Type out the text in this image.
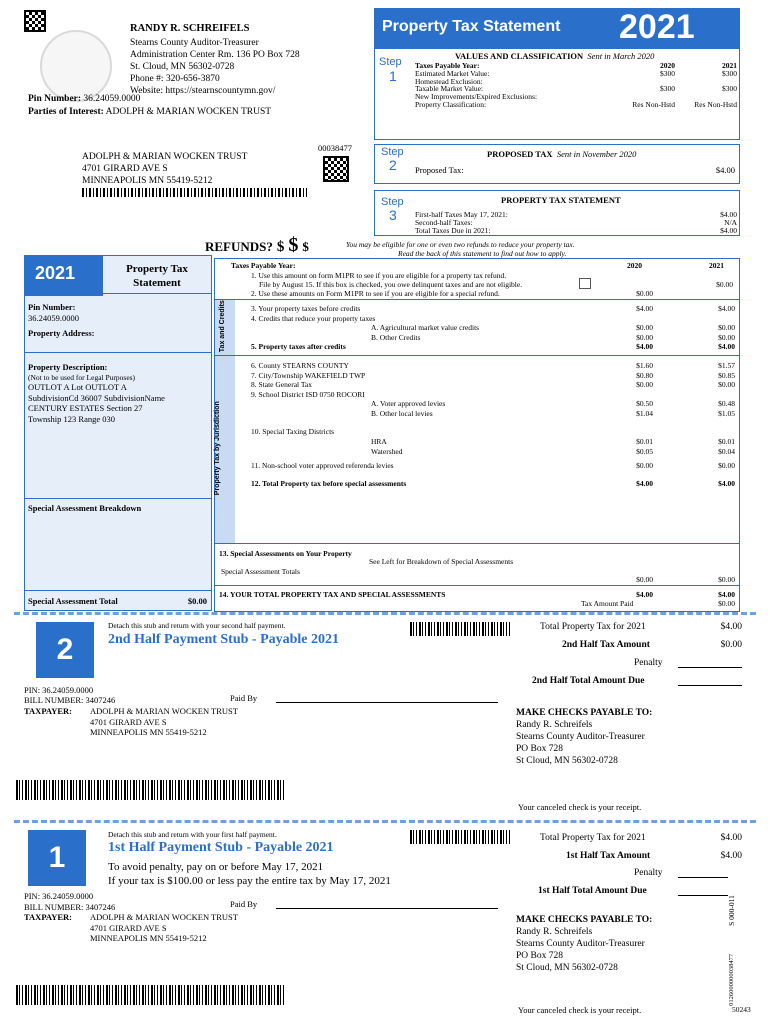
RANDY R. SCHREIFELS
Stearns County Auditor-Treasurer
Administration Center Rm. 136 PO Box 728
St. Cloud, MN 56302-0728
Phone #: 320-656-3870
Website: https://stearnscountymn.gov/
Pin Number: 36.24059.0000
Parties of Interest: ADOLPH & MARIAN WOCKEN TRUST
Property Tax Statement 2021
Step
1
VALUES AND CLASSIFICATION Sent in March 2020
Taxes Payable Year:	2020	2021
Estimated Market Value:	$300	$300
Homestead Exclusion:
Taxable Market Value:	$300	$300
New Improvements/Expired Exclusions:
Property Classification:	Res Non-Hstd	Res Non-Hstd
00038477
ADOLPH & MARIAN WOCKEN TRUST
4701 GIRARD AVE S
MINNEAPOLIS MN 55419-5212
Step
2
PROPOSED TAX Sent in November 2020
Proposed Tax:	$4.00
Step
3
PROPERTY TAX STATEMENT
First-half Taxes May 17, 2021:	$4.00
Second-half Taxes:	N/A
Total Taxes Due in 2021:	$4.00
REFUNDS? $ $ $	You may be eligible for one or even two refunds to reduce your property tax.
Read the back of this statement to find out how to apply.
2021	Property Tax
Statement
Pin Number:
36.24059.0000
Property Address:
Property Description:
(Not to be used for Legal Purposes)
OUTLOT A Lot OUTLOT A
SubdivisionCd 36007 SubdivisionName
CENTURY ESTATES Section 27
Township 123 Range 030
Special Assessment Breakdown
Special Assessment Total	$0.00
Taxes Payable Year:	2020	2021
1. Use this amount on form M1PR to see if you are eligible for a property tax refund.
File by August 15. If this box is checked, you owe delinquent taxes and are not eligible.	$0.00
2. Use these amounts on Form M1PR to see if you are eligible for a special refund.	$0.00
Tax and Credits	3. Your property taxes before credits	$4.00	$4.00
4. Credits that reduce your property taxes
A. Agricultural market value credits	$0.00	$0.00
B. Other Credits	$0.00	$0.00
5. Property taxes after credits	$4.00	$4.00
Property Tax by Jurisdiction
6. County STEARNS COUNTY	$1.60	$1.57
7. City/Township WAKEFIELD TWP	$0.80	$0.85
8. State General Tax	$0.00	$0.00
9. School District ISD 0750 ROCORI
A. Voter approved levies	$0.50	$0.48
B. Other local levies	$1.04	$1.05
10. Special Taxing Districts
HRA	$0.01	$0.01
Watershed	$0.05	$0.04
11. Non-school voter approved referenda levies	$0.00	$0.00
12. Total Property tax before special assessments	$4.00	$4.00
13. Special Assessments on Your Property
See Left for Breakdown of Special Assessments
Special Assessment Totals
$0.00	$0.00
14. YOUR TOTAL PROPERTY TAX AND SPECIAL ASSESSMENTS	$4.00	$4.00
Tax Amount Paid	$0.00
2
Detach this stub and return with your second half payment.
2nd Half Payment Stub - Payable 2021
Total Property Tax for 2021	$4.00
2nd Half Tax Amount	$0.00
Penalty
2nd Half Total Amount Due
PIN: 36.24059.0000
BILL NUMBER: 3407246	Paid By
TAXPAYER: ADOLPH & MARIAN WOCKEN TRUST
4701 GIRARD AVE S
MINNEAPOLIS MN 55419-5212
MAKE CHECKS PAYABLE TO:
Randy R. Schreifels
Stearns County Auditor-Treasurer
PO Box 728
St Cloud, MN 56302-0728
Your canceled check is your receipt.
1
Detach this stub and return with your first half payment.
1st Half Payment Stub - Payable 2021
To avoid penalty, pay on or before May 17, 2021
If your tax is $100.00 or less pay the entire tax by May 17, 2021
Total Property Tax for 2021	$4.00
1st Half Tax Amount	$4.00
Penalty
1st Half Total Amount Due
PIN: 36.24059.0000
BILL NUMBER: 3407246	Paid By
TAXPAYER: ADOLPH & MARIAN WOCKEN TRUST
4701 GIRARD AVE S
MINNEAPOLIS MN 55419-5212
MAKE CHECKS PAYABLE TO:
Randy R. Schreifels
Stearns County Auditor-Treasurer
PO Box 728
St Cloud, MN 56302-0728
Your canceled check is your receipt.	50243
S 000-011
0126000000038477
